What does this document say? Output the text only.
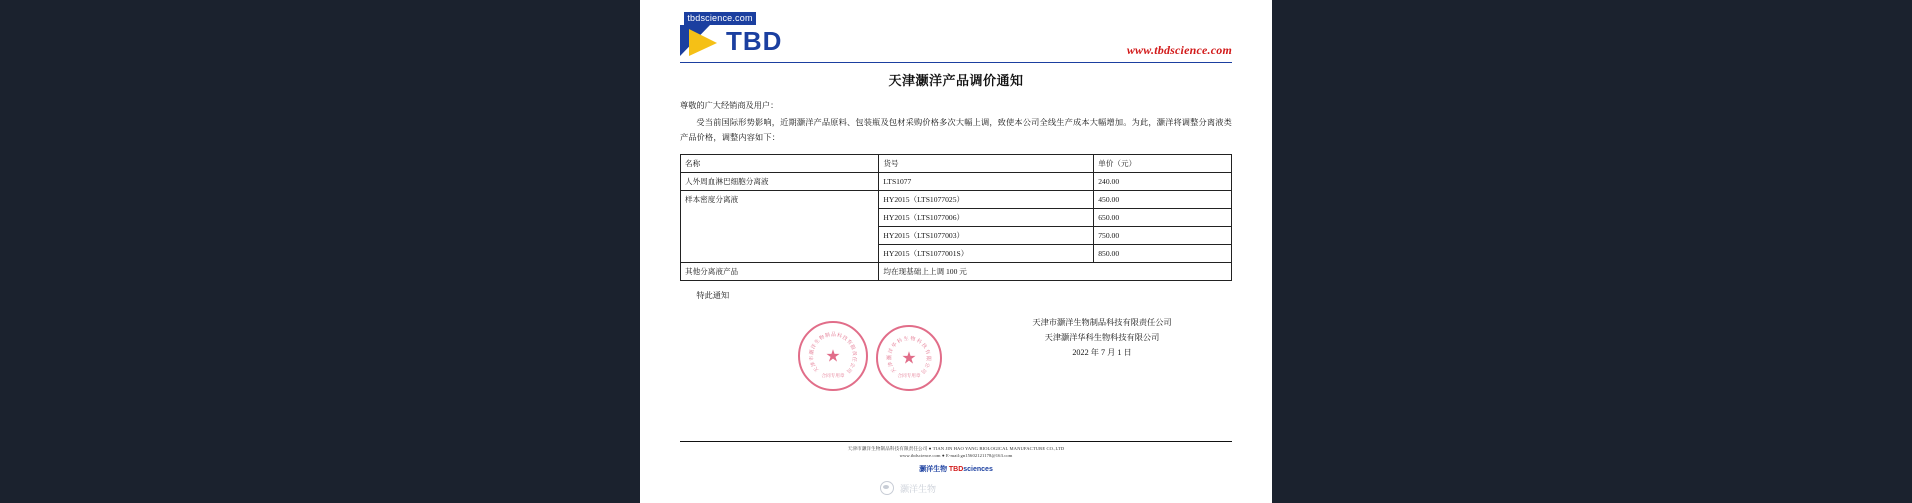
tbdscience.com
TBD	www.tbdscience.com
天津灏洋产品调价通知
尊敬的广大经销商及用户：
受当前国际形势影响，近期灏洋产品原料、包装瓶及包材采购价格多次大幅上调，致使本公司全线生产成本大幅增加。为此，灏洋将调整分离液类产品价格，调整内容如下：
名称	货号	单价（元）
人外周血淋巴细胞分离液	LTS1077	240.00
样本密度分离液	HY2015（LTS1077025）	450.00
	HY2015（LTS1077006）	650.00
	HY2015（LTS1077003）	750.00
	HY2015（LTS1077001S）	850.00
其他分离液产品	均在现基础上上调 100 元	
特此通知
天津市灏洋生物制品科技有限责任公司
天津灏洋华科生物科技有限公司
2022 年 7 月 1 日
★
合同专用章
天
津
市
灏
洋
生
物
制 品 科
技
有
限
责
任
公
司
★
合同专用章
天
津
灏
洋
华
科 生 物 科
技
有
限
公
司
天津市灏洋生物制品科技有限责任公司 ● TIAN JIN HAO YANG BIOLOGICAL MANUFACTURE CO.,LTD
www.tbdscience.com ● E-mail:gn15602121178@163.com
灏洋生物 TBDsciences
灏洋生物
